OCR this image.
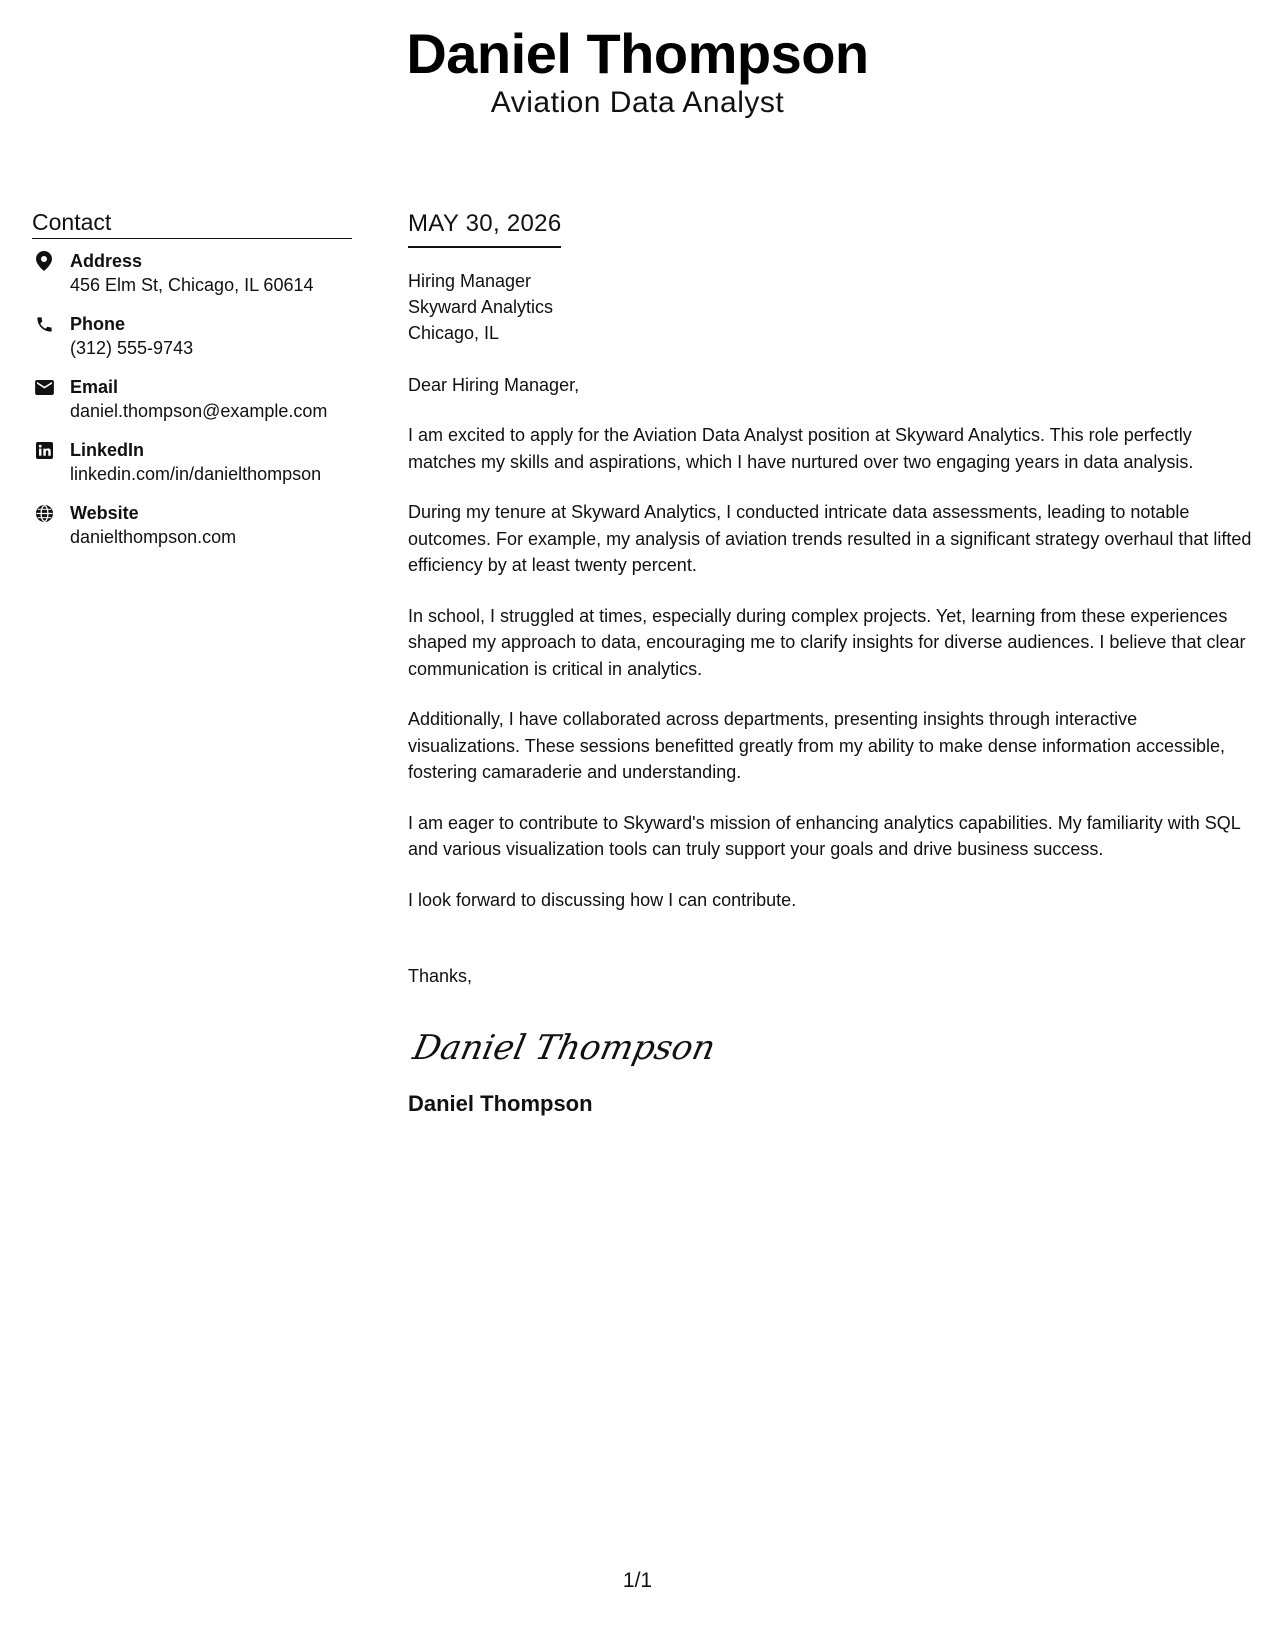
Daniel Thompson
Aviation Data Analyst
Contact
Address
456 Elm St, Chicago, IL 60614
Phone
(312) 555-9743
Email
daniel.thompson@example.com
LinkedIn
linkedin.com/in/danielthompson
Website
danielthompson.com
MAY 30, 2026
Hiring Manager
Skyward Analytics
Chicago, IL
Dear Hiring Manager,
I am excited to apply for the Aviation Data Analyst position at Skyward Analytics. This role perfectly matches my skills and aspirations, which I have nurtured over two engaging years in data analysis.
During my tenure at Skyward Analytics, I conducted intricate data assessments, leading to notable outcomes. For example, my analysis of aviation trends resulted in a significant strategy overhaul that lifted efficiency by at least twenty percent.
In school, I struggled at times, especially during complex projects. Yet, learning from these experiences shaped my approach to data, encouraging me to clarify insights for diverse audiences. I believe that clear communication is critical in analytics.
Additionally, I have collaborated across departments, presenting insights through interactive visualizations. These sessions benefitted greatly from my ability to make dense information accessible, fostering camaraderie and understanding.
I am eager to contribute to Skyward's mission of enhancing analytics capabilities. My familiarity with SQL and various visualization tools can truly support your goals and drive business success.
I look forward to discussing how I can contribute.
Thanks,
Daniel Thompson
Daniel Thompson
1/1
